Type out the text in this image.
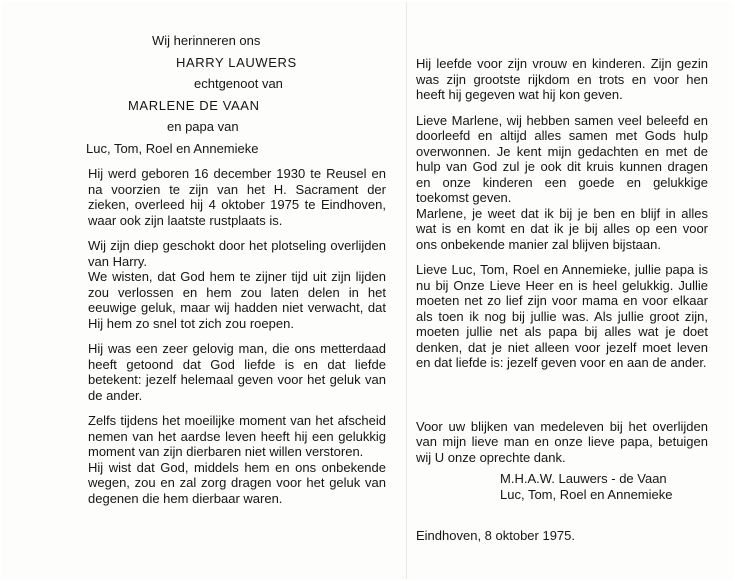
Wij herinneren ons
HARRY LAUWERS
echtgenoot van
MARLENE DE VAAN
en papa van
Luc, Tom, Roel en Annemieke
Hij werd geboren 16 december 1930 te Reusel en na voorzien te zijn van het H. Sacrament der zieken, overleed hij 4 oktober 1975 te Eindhoven, waar ook zijn laatste rustplaats is.
Wij zijn diep geschokt door het plotseling overlijden van Harry.
We wisten, dat God hem te zijner tijd uit zijn lijden zou verlossen en hem zou laten delen in het eeuwige geluk, maar wij hadden niet verwacht, dat Hij hem zo snel tot zich zou roepen.
Hij was een zeer gelovig man, die ons metterdaad heeft getoond dat God liefde is en dat liefde betekent: jezelf helemaal geven voor het geluk van de ander.
Zelfs tijdens het moeilijke moment van het afscheid nemen van het aardse leven heeft hij een gelukkig moment van zijn dierbaren niet willen verstoren.
Hij wist dat God, middels hem en ons onbekende wegen, zou en zal zorg dragen voor het geluk van degenen die hem dierbaar waren.
Hij leefde voor zijn vrouw en kinderen. Zijn gezin was zijn grootste rijkdom en trots en voor hen heeft hij gegeven wat hij kon geven.
Lieve Marlene, wij hebben samen veel beleefd en doorleefd en altijd alles samen met Gods hulp overwonnen. Je kent mijn gedachten en met de hulp van God zul je ook dit kruis kunnen dragen en onze kinderen een goede en gelukkige toekomst geven.
Marlene, je weet dat ik bij je ben en blijf in alles wat is en komt en dat ik je bij alles op een voor ons onbekende manier zal blijven bijstaan.
Lieve Luc, Tom, Roel en Annemieke, jullie papa is nu bij Onze Lieve Heer en is heel gelukkig. Jullie moeten net zo lief zijn voor mama en voor elkaar als toen ik nog bij jullie was. Als jullie groot zijn, moeten jullie net als papa bij alles wat je doet denken, dat je niet alleen voor jezelf moet leven en dat liefde is: jezelf geven voor en aan de ander.
Voor uw blijken van medeleven bij het overlijden van mijn lieve man en onze lieve papa, betuigen wij U onze oprechte dank.
M.H.A.W. Lauwers - de Vaan
Luc, Tom, Roel en Annemieke
Eindhoven, 8 oktober 1975.
